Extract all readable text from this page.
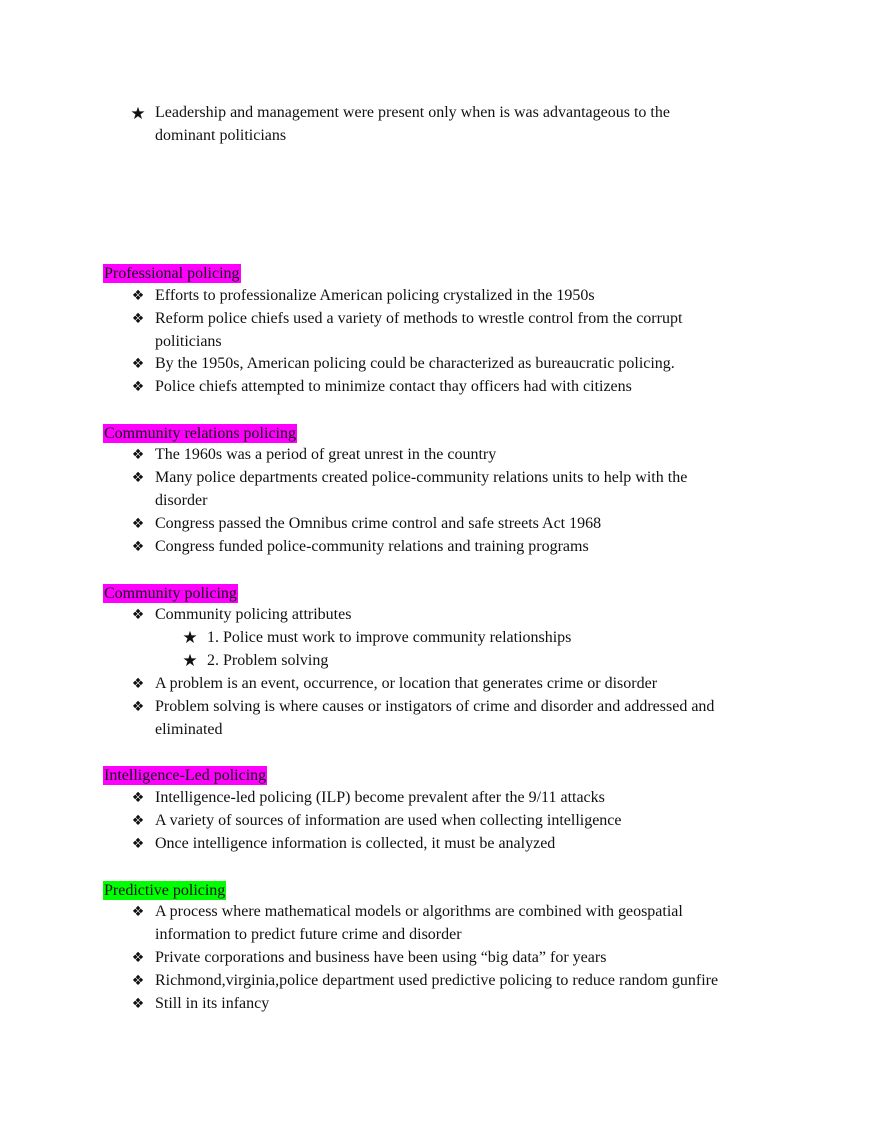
★ Leadership and management were present only when is was advantageous to the
dominant politicians
Professional policing
❖ Efforts to professionalize American policing crystalized in the 1950s
❖ Reform police chiefs used a variety of methods to wrestle control from the corrupt
politicians
❖ By the 1950s, American policing could be characterized as bureaucratic policing.
❖ Police chiefs attempted to minimize contact thay officers had with citizens
Community relations policing
❖ The 1960s was a period of great unrest in the country
❖ Many police departments created police-community relations units to help with the
disorder
❖ Congress passed the Omnibus crime control and safe streets Act 1968
❖ Congress funded police-community relations and training programs
Community policing
❖ Community policing attributes
★ 1. Police must work to improve community relationships
★ 2. Problem solving
❖ A problem is an event, occurrence, or location that generates crime or disorder
❖ Problem solving is where causes or instigators of crime and disorder and addressed and
eliminated
Intelligence-Led policing
❖ Intelligence-led policing (ILP) become prevalent after the 9/11 attacks
❖ A variety of sources of information are used when collecting intelligence
❖ Once intelligence information is collected, it must be analyzed
Predictive policing
❖ A process where mathematical models or algorithms are combined with geospatial
information to predict future crime and disorder
❖ Private corporations and business have been using “big data” for years
❖ Richmond,virginia,police department used predictive policing to reduce random gunfire
❖ Still in its infancy
